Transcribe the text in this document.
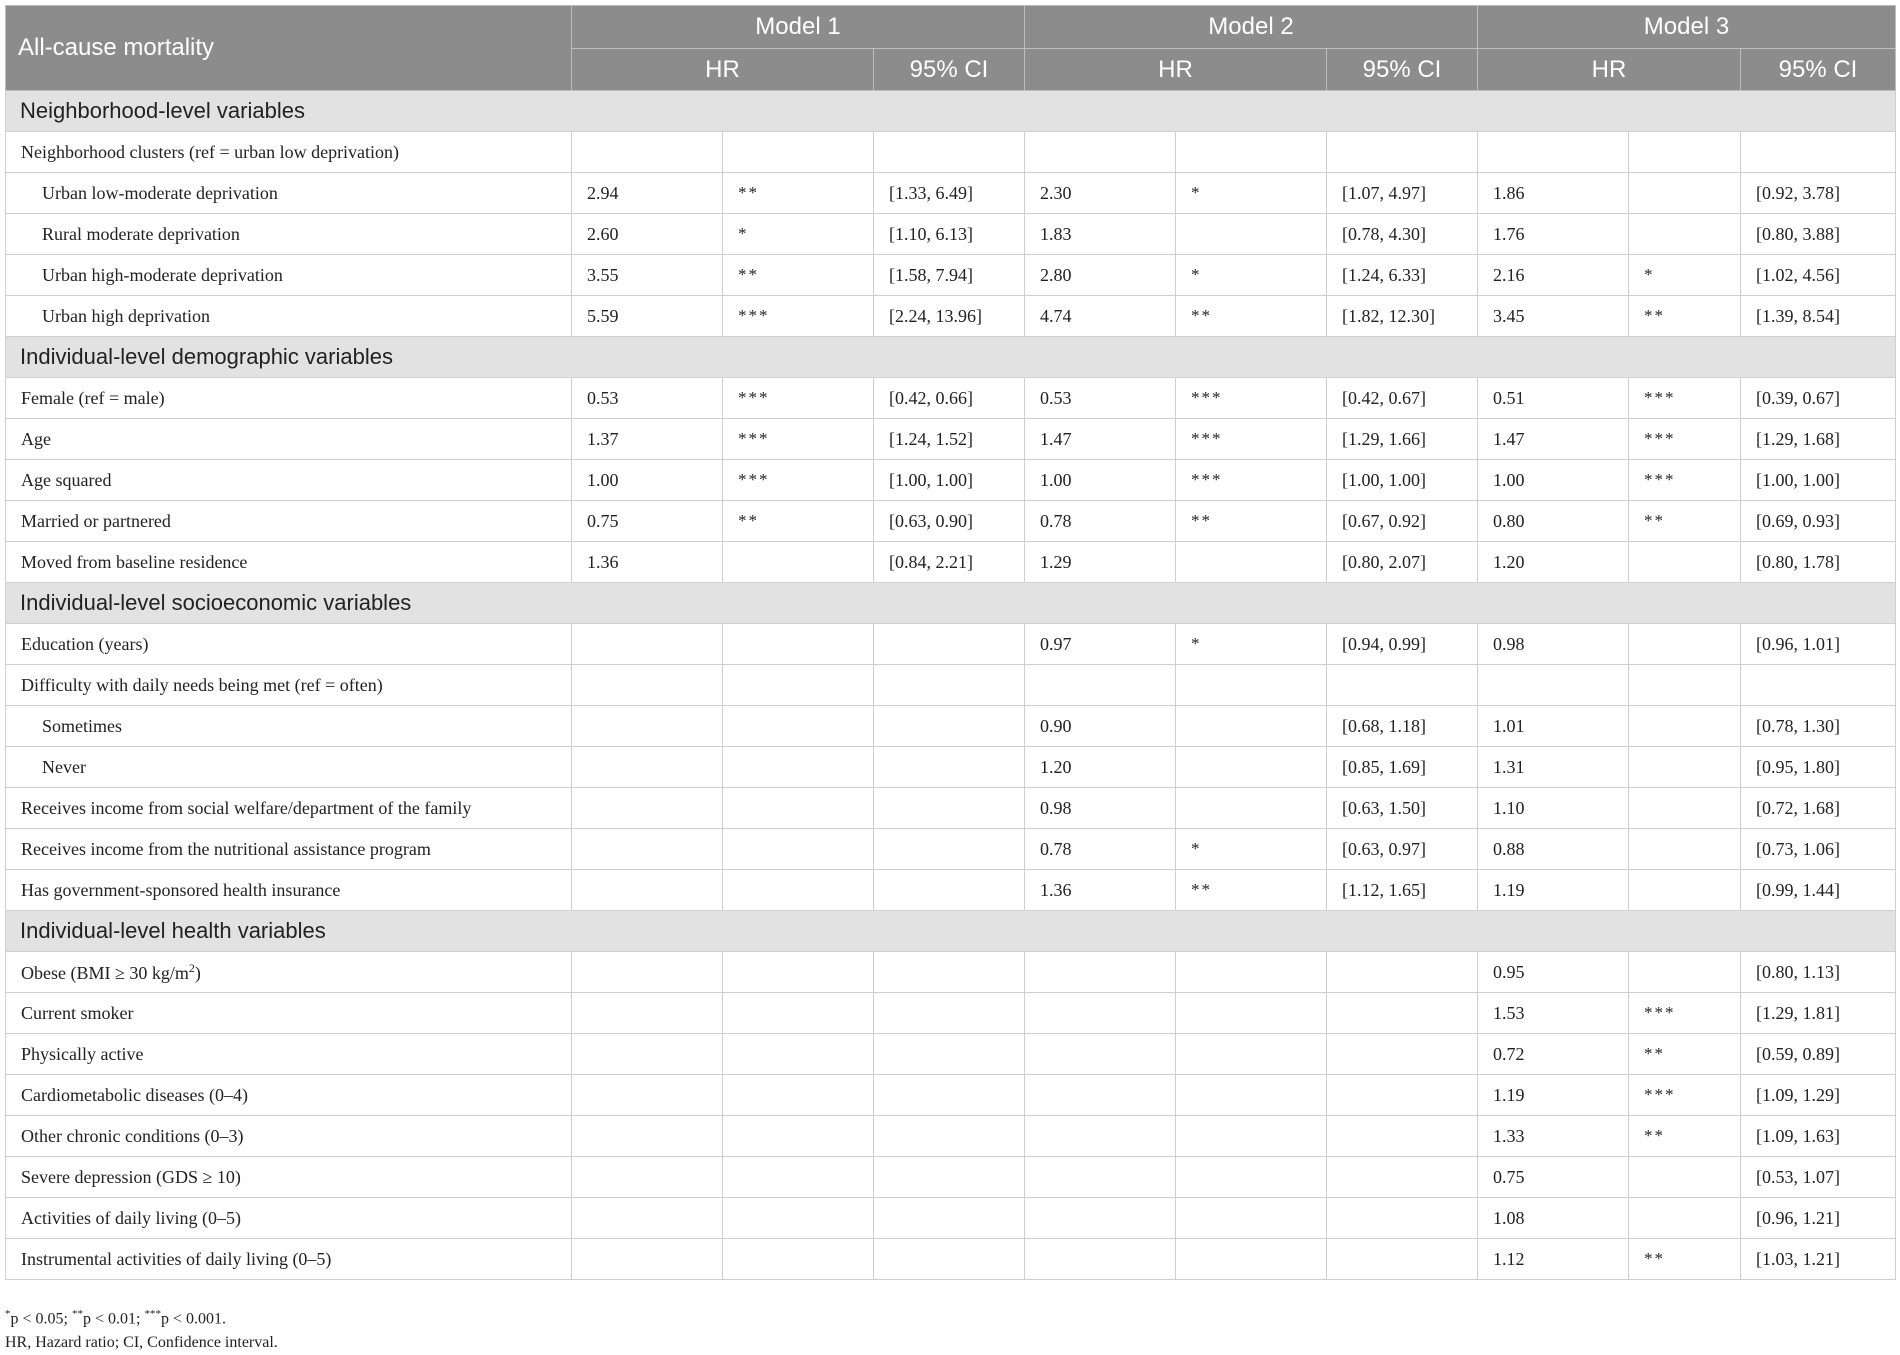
All-cause mortality	Model 1			Model 2			Model 3		
	HR		95% CI	HR		95% CI	HR		95% CI
Neighborhood-level variables									
Neighborhood clusters (ref = urban low deprivation)									
Urban low-moderate deprivation	2.94	**	[1.33, 6.49]	2.30	*	[1.07, 4.97]	1.86		[0.92, 3.78]
Rural moderate deprivation	2.60	*	[1.10, 6.13]	1.83		[0.78, 4.30]	1.76		[0.80, 3.88]
Urban high-moderate deprivation	3.55	**	[1.58, 7.94]	2.80	*	[1.24, 6.33]	2.16	*	[1.02, 4.56]
Urban high deprivation	5.59	***	[2.24, 13.96]	4.74	**	[1.82, 12.30]	3.45	**	[1.39, 8.54]
Individual-level demographic variables									
Female (ref = male)	0.53	***	[0.42, 0.66]	0.53	***	[0.42, 0.67]	0.51	***	[0.39, 0.67]
Age	1.37	***	[1.24, 1.52]	1.47	***	[1.29, 1.66]	1.47	***	[1.29, 1.68]
Age squared	1.00	***	[1.00, 1.00]	1.00	***	[1.00, 1.00]	1.00	***	[1.00, 1.00]
Married or partnered	0.75	**	[0.63, 0.90]	0.78	**	[0.67, 0.92]	0.80	**	[0.69, 0.93]
Moved from baseline residence	1.36		[0.84, 2.21]	1.29		[0.80, 2.07]	1.20		[0.80, 1.78]
Individual-level socioeconomic variables									
Education (years)				0.97	*	[0.94, 0.99]	0.98		[0.96, 1.01]
Difficulty with daily needs being met (ref = often)									
Sometimes				0.90		[0.68, 1.18]	1.01		[0.78, 1.30]
Never				1.20		[0.85, 1.69]	1.31		[0.95, 1.80]
Receives income from social welfare/department of the family				0.98		[0.63, 1.50]	1.10		[0.72, 1.68]
Receives income from the nutritional assistance program				0.78	*	[0.63, 0.97]	0.88		[0.73, 1.06]
Has government-sponsored health insurance				1.36	**	[1.12, 1.65]	1.19		[0.99, 1.44]
Individual-level health variables									
Obese (BMI ≥ 30 $kg/m^2$)							0.95		[0.80, 1.13]
Current smoker							1.53	***	[1.29, 1.81]
Physically active							0.72	**	[0.59, 0.89]
Cardiometabolic diseases (0–4)							1.19	***	[1.09, 1.29]
Other chronic conditions (0–3)							1.33	**	[1.09, 1.63]
Severe depression (GDS ≥ 10)							0.75		[0.53, 1.07]
Activities of daily living (0–5)							1.08		[0.96, 1.21]
Instrumental activities of daily living (0–5)							1.12	**	[1.03, 1.21]
*p < 0.05; **p < 0.01; ***p < 0.001.
HR, Hazard ratio; CI, Confidence interval.
